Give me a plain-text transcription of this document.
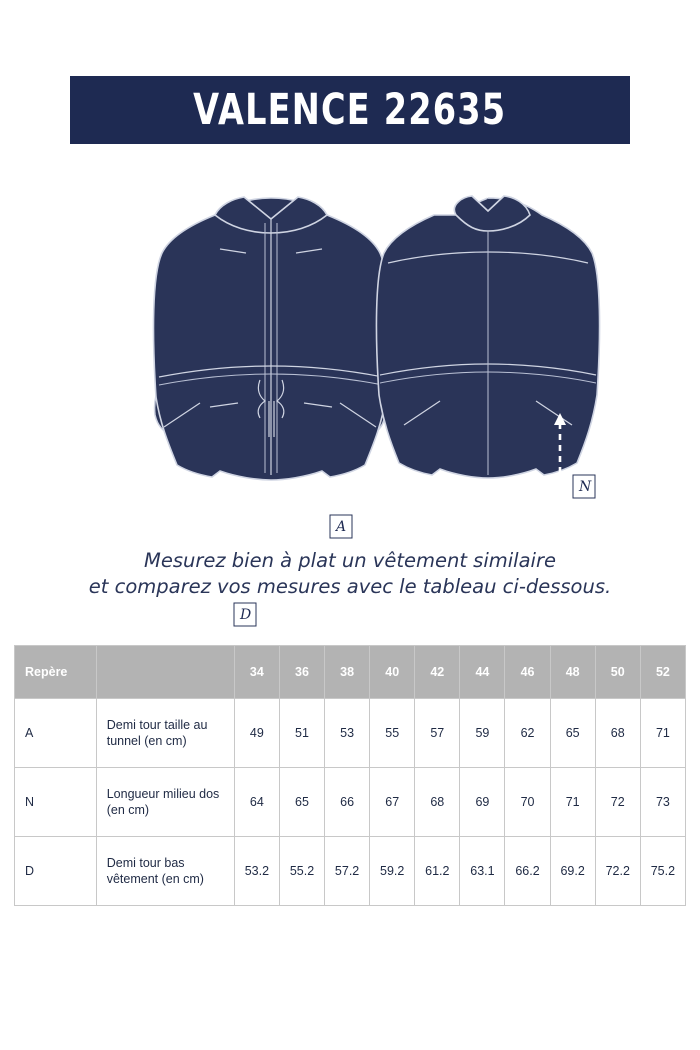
VALENCE 22635
A
D
N
Mesurez bien à plat un vêtement similaire
et comparez vos mesures avec le tableau ci-dessous.
Repère		34	36	38	40	42	44	46	48	50	52
A	Demi tour taille au tunnel (en cm)	49	51	53	55	57	59	62	65	68	71
N	Longueur milieu dos (en cm)	64	65	66	67	68	69	70	71	72	73
D	Demi tour bas vêtement (en cm)	53.2	55.2	57.2	59.2	61.2	63.1	66.2	69.2	72.2	75.2
